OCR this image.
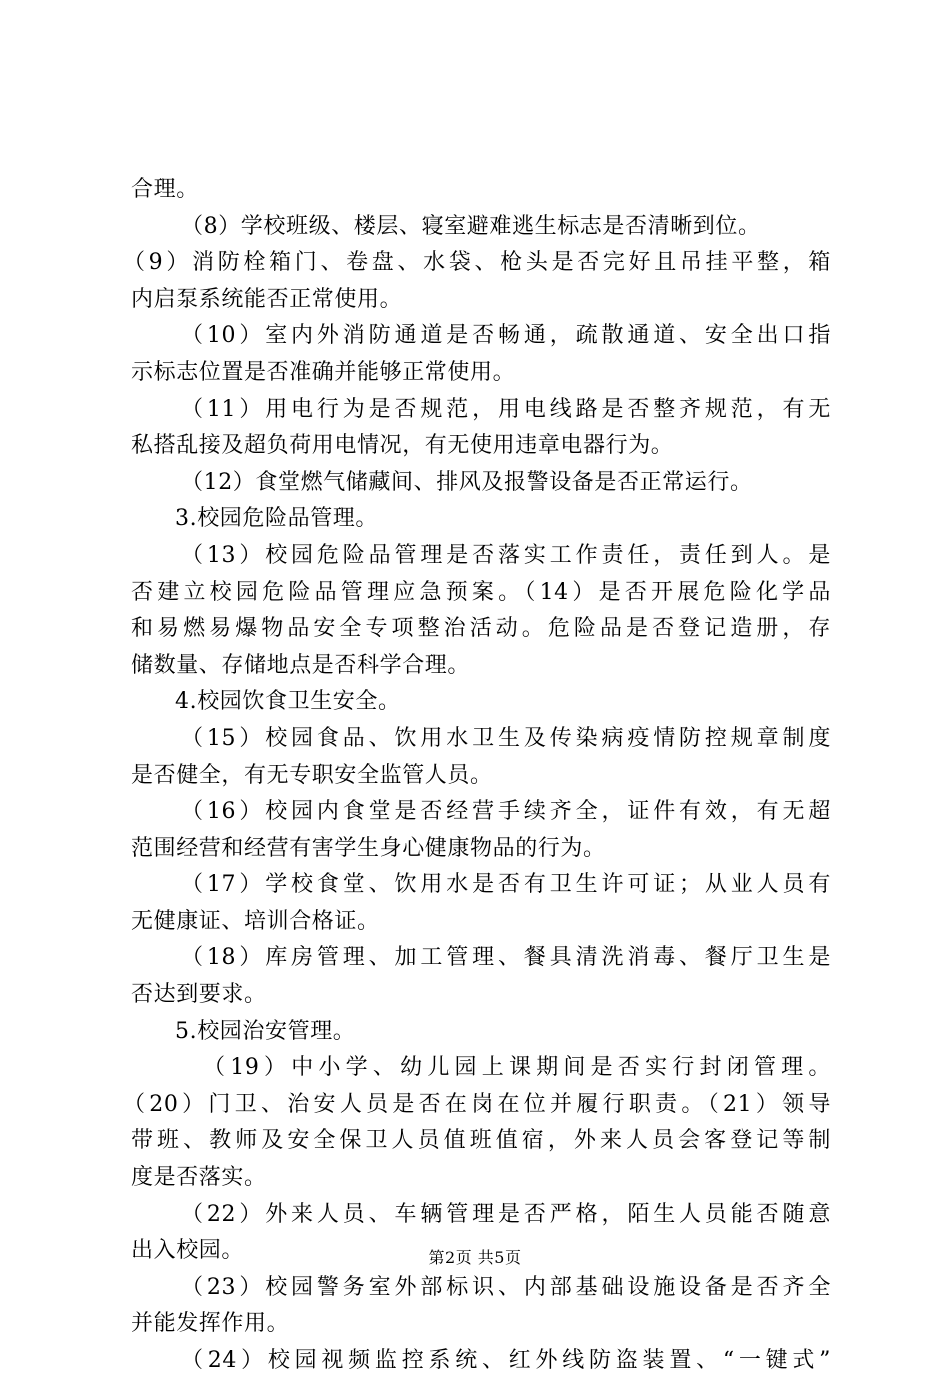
合理。
（8）学校班级、楼层、寝室避难逃生标志是否清晰到位。
（9）消防栓箱门、卷盘、水袋、枪头是否完好且吊挂平整，箱
内启泵系统能否正常使用。
（10）室内外消防通道是否畅通，疏散通道、安全出口指
示标志位置是否准确并能够正常使用。
（11）用电行为是否规范，用电线路是否整齐规范，有无
私搭乱接及超负荷用电情况，有无使用违章电器行为。
（12）食堂燃气储藏间、排风及报警设备是否正常运行。
3.校园危险品管理。
（13）校园危险品管理是否落实工作责任，责任到人。是
否建立校园危险品管理应急预案。（14）是否开展危险化学品
和易燃易爆物品安全专项整治活动。危险品是否登记造册，存
储数量、存储地点是否科学合理。
4.校园饮食卫生安全。
（15）校园食品、饮用水卫生及传染病疫情防控规章制度
是否健全，有无专职安全监管人员。
（16）校园内食堂是否经营手续齐全，证件有效，有无超
范围经营和经营有害学生身心健康物品的行为。
（17）学校食堂、饮用水是否有卫生许可证；从业人员有
无健康证、培训合格证。
（18）库房管理、加工管理、餐具清洗消毒、餐厅卫生是
否达到要求。
5.校园治安管理。
（19）中小学、幼儿园上课期间是否实行封闭管理。
（20）门卫、治安人员是否在岗在位并履行职责。（21）领导
带班、教师及安全保卫人员值班值宿，外来人员会客登记等制
度是否落实。
（22）外来人员、车辆管理是否严格，陌生人员能否随意
出入校园。
（23）校园警务室外部标识、内部基础设施设备是否齐全
并能发挥作用。
（24）校园视频监控系统、红外线防盗装置、“一键式”
第2页 共5页
